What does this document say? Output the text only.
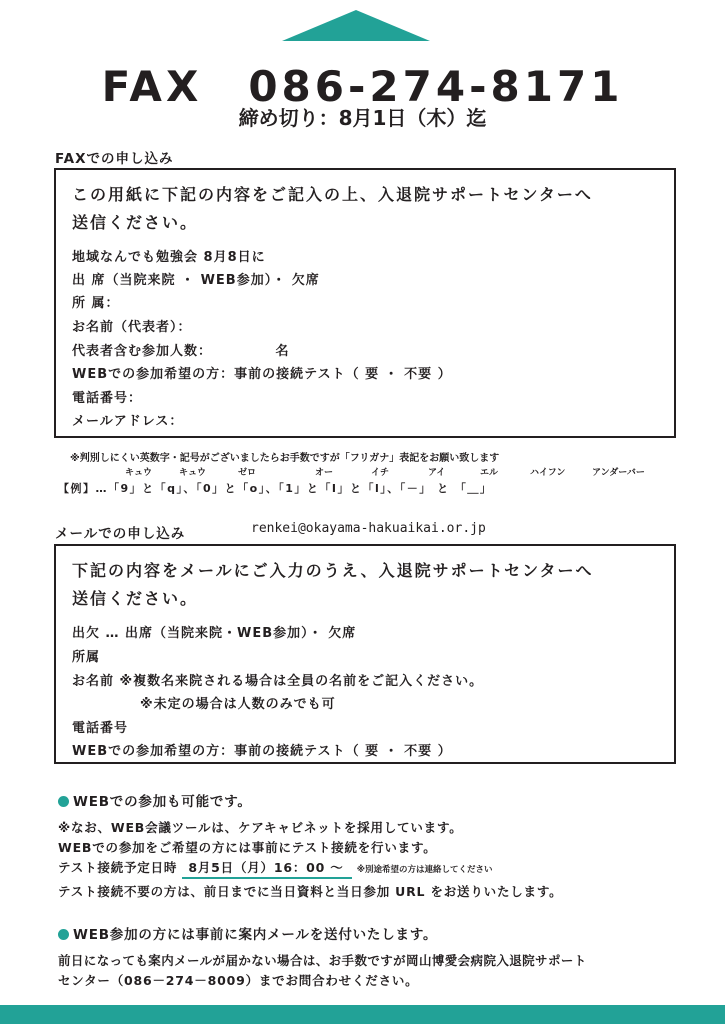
FAX　086-274-8171
締め切り：8月1日（木）迄
FAXでの申し込み
この用紙に下記の内容をご記入の上、入退院サポートセンターへ
送信ください。
地域なんでも勉強会 8月8日に
出 席（当院来院 ・ WEB参加）・ 欠席
所 属：
お名前（代表者）：
代表者含む参加人数：　　　　　名
WEBでの参加希望の方：事前の接続テスト（ 要 ・ 不要 ）
電話番号：
メールアドレス：
※判別しにくい英数字・記号がございましたらお手数ですが「フリガナ」表記をお願い致します
キュウ	キュウ	ゼロ	オー	イチ	アイ	エル	ハイフン	アンダーバー
【例】…「9」と「q」、「0」と「o」、「1」と「I」と「l」、「－」 と 「＿」
メールでの申し込み	renkei@okayama-hakuaikai.or.jp
下記の内容をメールにご入力のうえ、入退院サポートセンターへ
送信ください。
出欠 … 出席（当院来院・WEB参加）・ 欠席
所属
お名前 ※複数名来院される場合は全員の名前をご記入ください。
※未定の場合は人数のみでも可
電話番号
WEBでの参加希望の方：事前の接続テスト（ 要 ・ 不要 ）
WEBでの参加も可能です。
※なお、WEB会議ツールは、ケアキャビネットを採用しています。
WEBでの参加をご希望の方には事前にテスト接続を行います。
テスト接続予定日時 8月5日（月）16：00 ～ ※別途希望の方は連絡してください
テスト接続不要の方は、前日までに当日資料と当日参加 URL をお送りいたします。
WEB参加の方には事前に案内メールを送付いたします。
前日になっても案内メールが届かない場合は、お手数ですが岡山博愛会病院入退院サポート
センター（086－274－8009）までお問合わせください。
